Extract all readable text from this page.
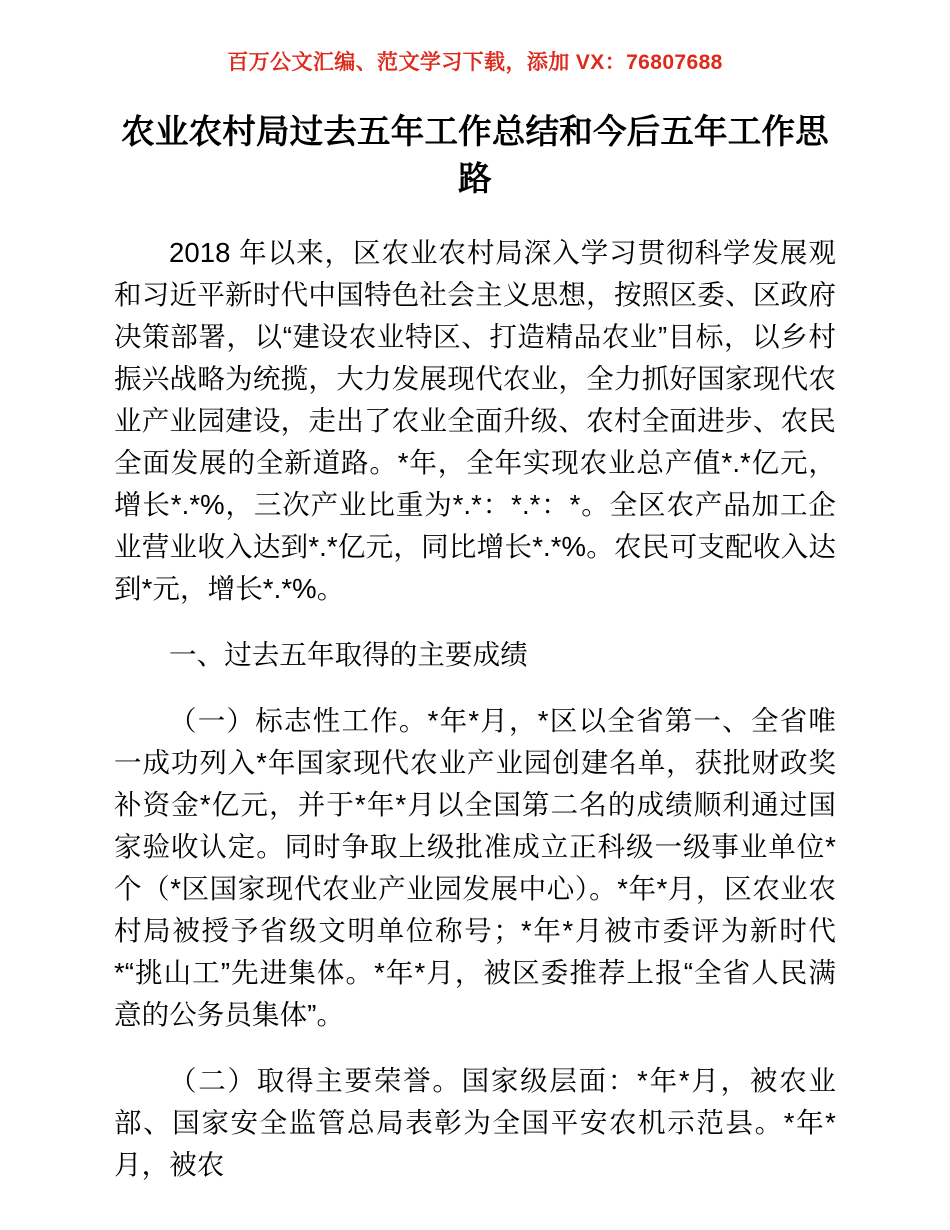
百万公文汇编、范文学习下载，添加 VX：76807688
农业农村局过去五年工作总结和今后五年工作思路

2018 年以来，区农业农村局深入学习贯彻科学发展观和习近平新时代中国特色社会主义思想，按照区委、区政府决策部署，以“建设农业特区、打造精品农业”目标，以乡村振兴战略为统揽，大力发展现代农业，全力抓好国家现代农业产业园建设，走出了农业全面升级、农村全面进步、农民全面发展的全新道路。*年，全年实现农业总产值*.*亿元，增长*.*%，三次产业比重为*.*：*.*：*。全区农产品加工企业营业收入达到*.*亿元，同比增长*.*%。农民可支配收入达到*元，增长*.*%。

一、过去五年取得的主要成绩

（一）标志性工作。*年*月，*区以全省第一、全省唯一成功列入*年国家现代农业产业园创建名单，获批财政奖补资金*亿元，并于*年*月以全国第二名的成绩顺利通过国家验收认定。同时争取上级批准成立正科级一级事业单位*个（*区国家现代农业产业园发展中心）。*年*月，区农业农村局被授予省级文明单位称号；*年*月被市委评为新时代*“挑山工”先进集体。*年*月，被区委推荐上报“全省人民满意的公务员集体”。

（二）取得主要荣誉。国家级层面：*年*月，被农业部、国家安全监管总局表彰为全国平安农机示范县。*年*月，被农
